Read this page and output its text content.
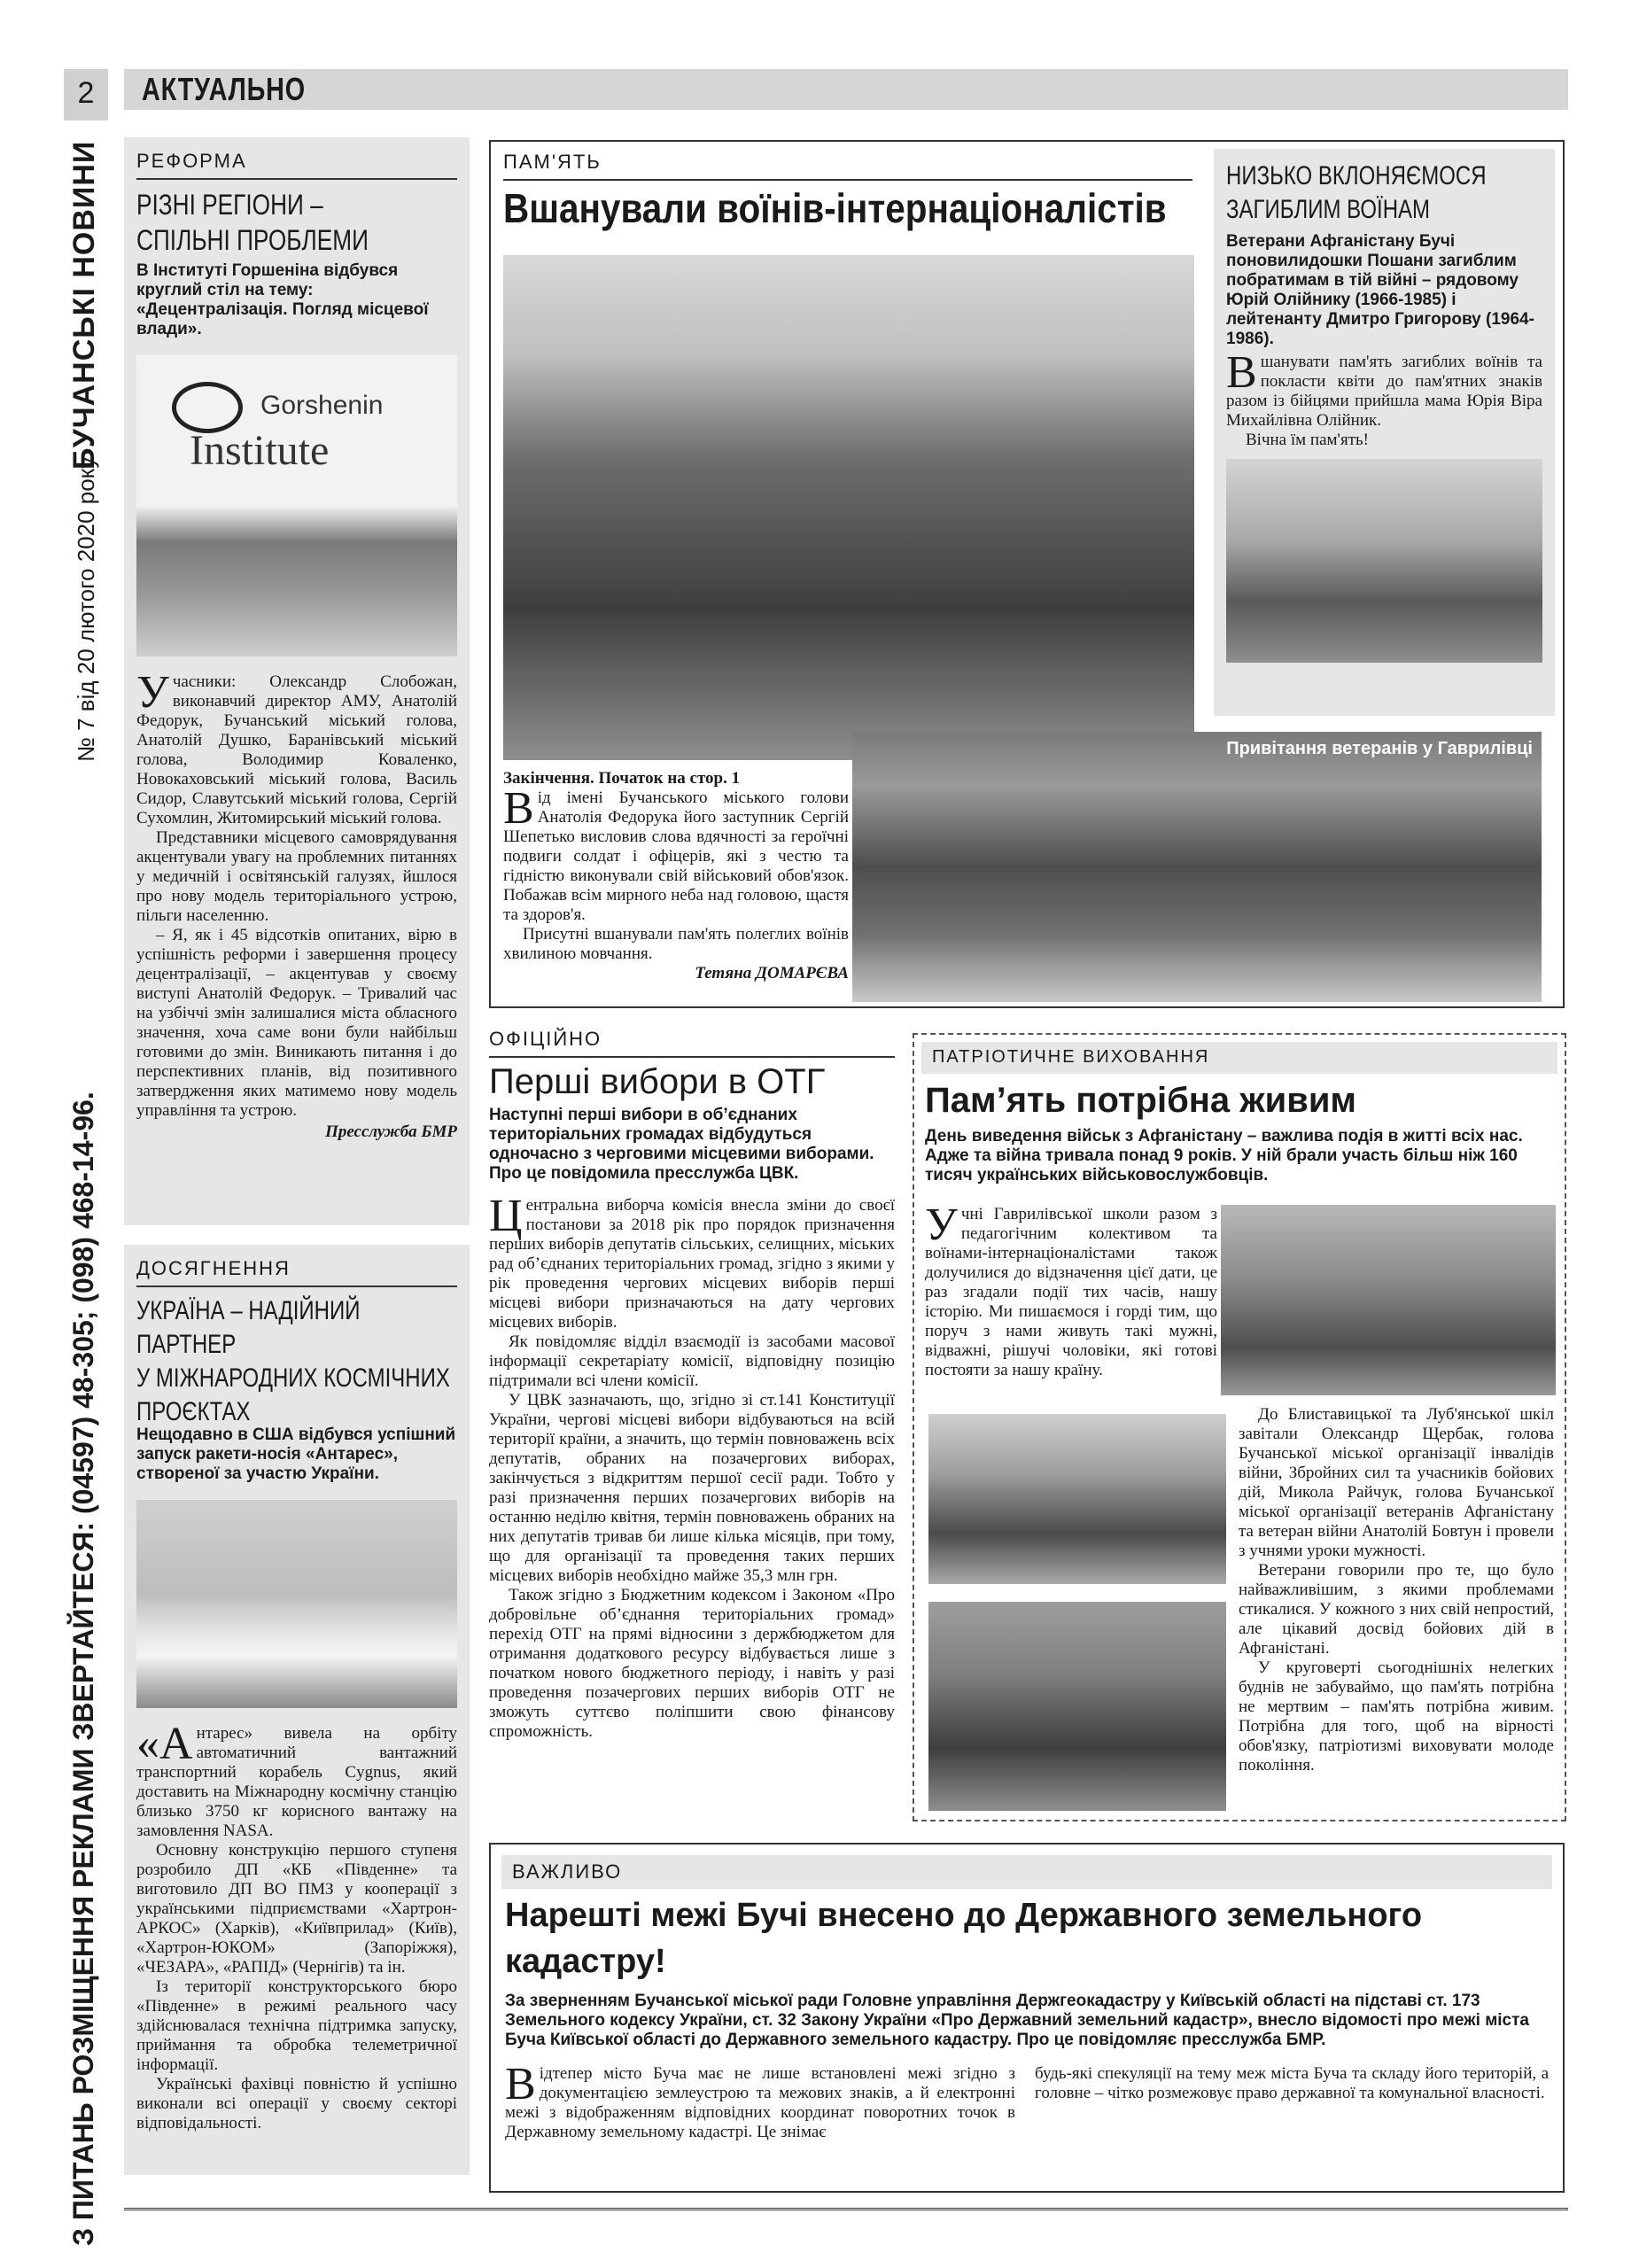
2	АКТУАЛЬНО
БУЧАНСЬКІ НОВИНИ
№ 7 від 20 лютого 2020 року
З ПИТАНЬ РОЗМІЩЕННЯ РЕКЛАМИ ЗВЕРТАЙТЕСЯ: (04597) 48-305; (098) 468-14-96.
РЕФОРМА
РІЗНІ РЕГІОНИ –
СПІЛЬНІ ПРОБЛЕМИ
В Інституті Горшеніна відбувся круглий стіл на тему: «Децентралізація. Погляд місцевої влади».
Gorshenin
Institute

Учасники: Олександр Слобожан, виконавчий директор АМУ, Анатолій Федорук, Бучанський міський голова, Анатолій Душко, Баранівський міський голова, Володимир Коваленко, Новокаховський міський голова, Василь Сидор, Славутський міський голова, Сергій Сухомлин, Житомирський міський голова.

Представники місцевого самоврядування акцентували увагу на проблемних питаннях у медичній і освітянській галузях, йшлося про нову модель територіального устрою, пільги населенню.

– Я, як і 45 відсотків опитаних, вірю в успішність реформи і завершення процесу децентралізації, – акцентував у своєму виступі Анатолій Федорук. – Тривалий час на узбіччі змін залишалися міста обласного значення, хоча саме вони були найбільш готовими до змін. Виникають питання і до перспективних планів, від позитивного затвердження яких матимемо нову модель управління та устрою.

Пресслужба БМР
ДОСЯГНЕННЯ
УКРАЇНА – НАДІЙНИЙ ПАРТНЕР
У МІЖНАРОДНИХ КОСМІЧНИХ
ПРОЄКТАХ
Нещодавно в США відбувся успішний запуск ракети-носія «Антарес», створеної за участю України.

«Антарес» вивела на орбіту автоматичний вантажний транспортний корабель Cygnus, який доставить на Міжнародну космічну станцію близько 3750 кг корисного вантажу на замовлення NASA.

Основну конструкцію першого ступеня розробило ДП «КБ «Південне» та виготовило ДП ВО ПМЗ у кооперації з українськими підприємствами «Хартрон-АРКОС» (Харків), «Київприлад» (Київ), «Хартрон-ЮКОМ» (Запоріжжя), «ЧЕЗАРА», «РАПІД» (Чернігів) та ін.

Із території конструкторського бюро «Південне» в режимі реального часу здійснювалася технічна підтримка запуску, приймання та обробка телеметричної інформації.

Українські фахівці повністю й успішно виконали всі операції у своєму секторі відповідальності.

ПАМ'ЯТЬ
Вшанували воїнів-інтернаціоналістів
Закінчення. Початок на стор. 1

Від імені Бучанського міського голови Анатолія Федорука його заступник Сергій Шепетько висловив слова вдячності за героїчні подвиги солдат і офіцерів, які з честю та гідністю виконували свій військовий обов'язок. Побажав всім мирного неба над головою, щастя та здоров'я.

Присутні вшанували пам'ять полеглих воїнів хвилиною мовчання.

Тетяна ДОМАРЄВА
Привітання ветеранів у Гаврилівці
НИЗЬКО ВКЛОНЯЄМОСЯ
ЗАГИБЛИМ ВОЇНАМ
Ветерани Афганістану Бучі поновилидошки Пошани загиблим побратимам в тій війні – рядовому Юрій Олійнику (1966-1985) і лейтенанту Дмитро Григорову (1964-1986).

Вшанувати пам'ять загиблих воїнів та покласти квіти до пам'ятних знаків разом із бійцями прийшла мама Юрія Віра Михайлівна Олійник.

Вічна їм пам'ять!

ОФІЦІЙНО
Перші вибори в ОТГ
Наступні перші вибори в об’єднаних територіальних громадах відбудуться одночасно з черговими місцевими виборами. Про це повідомила пресслужба ЦВК.

Центральна виборча комісія внесла зміни до своєї постанови за 2018 рік про порядок призначення перших виборів депутатів сільських, селищних, міських рад об’єднаних територіальних громад, згідно з якими у рік проведення чергових місцевих виборів перші місцеві вибори призначаються на дату чергових місцевих виборів.

Як повідомляє відділ взаємодії із засобами масової інформації секретаріату комісії, відповідну позицію підтримали всі члени комісії.

У ЦВК зазначають, що, згідно зі ст.141 Конституції України, чергові місцеві вибори відбуваються на всій території країни, а значить, що термін повноважень всіх депутатів, обраних на позачергових виборах, закінчується з відкриттям першої сесії ради. Тобто у разі призначення перших позачергових виборів на останню неділю квітня, термін повноважень обраних на них депутатів тривав би лише кілька місяців, при тому, що для організації та проведення таких перших місцевих виборів необхідно майже 35,3 млн грн.

Також згідно з Бюджетним кодексом і Законом «Про добровільне об’єднання територіальних громад» перехід ОТГ на прямі відносини з держбюджетом для отримання додаткового ресурсу відбувається лише з початком нового бюджетного періоду, і навіть у разі проведення позачергових перших виборів ОТГ не зможуть суттєво поліпшити свою фінансову спроможність.

ПАТРІОТИЧНЕ ВИХОВАННЯ
Пам’ять потрібна живим
День виведення військ з Афганістану – важлива подія в житті всіх нас. Адже та війна тривала понад 9 років. У ній брали участь більш ніж 160 тисяч українських військовослужбовців.

Учні Гаврилівської школи разом з педагогічним колективом та воїнами-інтернаціоналістами також долучилися до відзначення цієї дати, це раз згадали події тих часів, нашу історію. Ми пишаємося і горді тим, що поруч з нами живуть такі мужні, відважні, рішучі чоловіки, які готові постояти за нашу країну.

До Блиставицької та Луб'янської шкіл завітали Олександр Щербак, голова Бучанської міської організації інвалідів війни, Збройних сил та учасників бойових дій, Микола Райчук, голова Бучанської міської організації ветеранів Афганістану та ветеран війни Анатолій Бовтун і провели з учнями уроки мужності.

Ветерани говорили про те, що було найважливішим, з якими проблемами стикалися. У кожного з них свій непростий, але цікавий досвід бойових дій в Афганістані.

У круговерті сьогоднішніх нелегких буднів не забуваймо, що пам'ять потрібна не мертвим – пам'ять потрібна живим. Потрібна для того, щоб на вірності обов'язку, патріотизмі виховувати молоде покоління.

ВАЖЛИВО
Нарешті межі Бучі внесено до Державного земельного
кадастру!
За зверненням Бучанської міської ради Головне управління Держгеокадастру у Київській області на підставі ст. 173 Земельного кодексу України, ст. 32 Закону України «Про Державний земельний кадастр», внесло відомості про межі міста Буча Київської області до Державного земельного кадастру. Про це повідомляє пресслужба БМР.

Відтепер місто Буча має не лише встановлені межі згідно з документацією землеустрою та межових знаків, а й електронні межі з відображенням відповідних координат поворотних точок в Державному земельному кадастрі. Це знімає

будь-які спекуляції на тему меж міста Буча та складу його територій, а головне – чітко розмежовує право державної та комунальної власності.
